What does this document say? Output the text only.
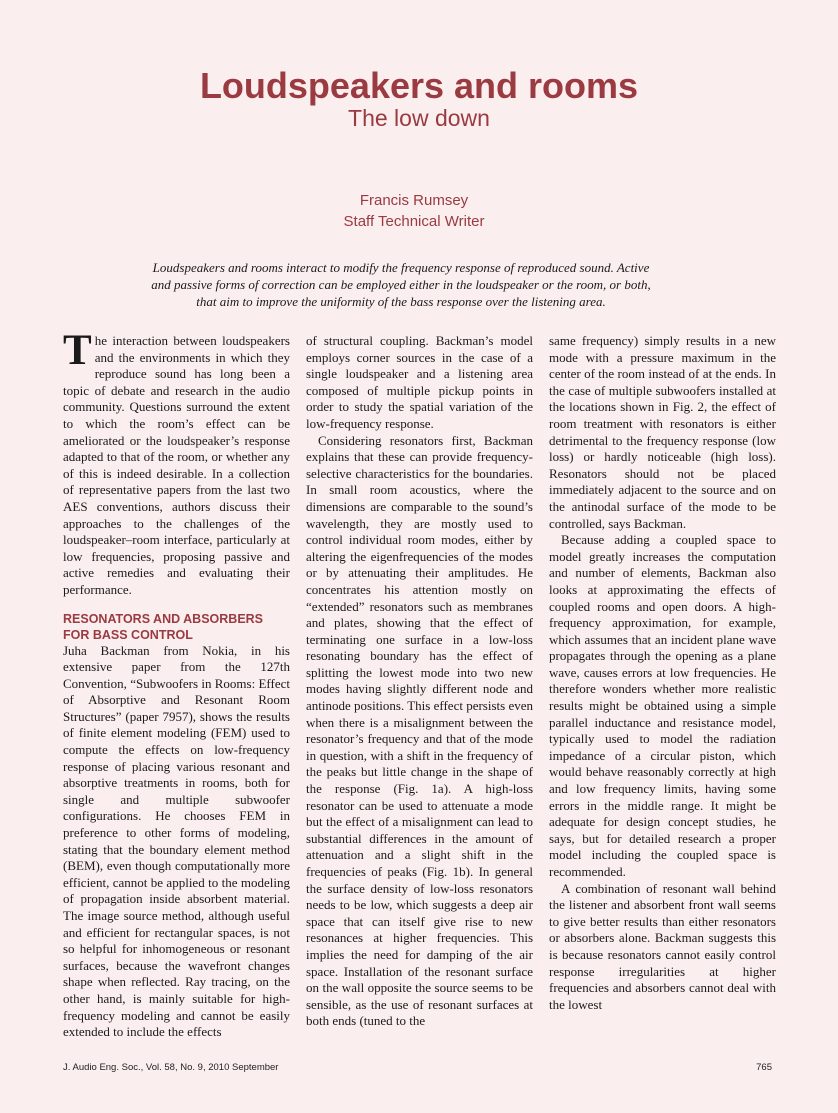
Loudspeakers and rooms
The low down
Francis Rumsey
Staff Technical Writer
Loudspeakers and rooms interact to modify the frequency response of reproduced sound. Active and passive forms of correction can be employed either in the loudspeaker or the room, or both, that aim to improve the uniformity of the bass response over the listening area.

The interaction between loudspeakers and the environments in which they reproduce sound has long been a topic of debate and research in the audio community. Questions surround the extent to which the room’s effect can be ameliorated or the loudspeaker’s response adapted to that of the room, or whether any of this is indeed desirable. In a collection of representative papers from the last two AES conventions, authors discuss their approaches to the challenges of the loudspeaker–room interface, particularly at low frequencies, proposing passive and active remedies and evaluating their performance.

RESONATORS AND ABSORBERS
FOR BASS CONTROL

Juha Backman from Nokia, in his extensive paper from the 127th Convention, “Subwoofers in Rooms: Effect of Absorptive and Resonant Room Structures” (paper 7957), shows the results of finite element modeling (FEM) used to compute the effects on low-frequency response of placing various resonant and absorptive treatments in rooms, both for single and multiple subwoofer configurations. He chooses FEM in preference to other forms of modeling, stating that the boundary element method (BEM), even though computationally more efficient, cannot be applied to the modeling of propagation inside absorbent material. The image source method, although useful and efficient for rectangular spaces, is not so helpful for inhomogeneous or resonant surfaces, because the wavefront changes shape when reflected. Ray tracing, on the other hand, is mainly suitable for high-frequency modeling and cannot be easily extended to include the effects

of structural coupling. Backman’s model employs corner sources in the case of a single loudspeaker and a listening area composed of multiple pickup points in order to study the spatial variation of the low-frequency response.

Considering resonators first, Backman explains that these can provide frequency-selective characteristics for the boundaries. In small room acoustics, where the dimensions are comparable to the sound’s wavelength, they are mostly used to control individual room modes, either by altering the eigenfrequencies of the modes or by attenuating their amplitudes. He concentrates his attention mostly on “extended” resonators such as membranes and plates, showing that the effect of terminating one surface in a low-loss resonating boundary has the effect of splitting the lowest mode into two new modes having slightly different node and antinode positions. This effect persists even when there is a misalignment between the resonator’s frequency and that of the mode in question, with a shift in the frequency of the peaks but little change in the shape of the response (Fig. 1a). A high-loss resonator can be used to attenuate a mode but the effect of a misalignment can lead to substantial differences in the amount of attenuation and a slight shift in the frequencies of peaks (Fig. 1b). In general the surface density of low-loss resonators needs to be low, which suggests a deep air space that can itself give rise to new resonances at higher frequencies. This implies the need for damping of the air space. Installation of the resonant surface on the wall opposite the source seems to be sensible, as the use of resonant surfaces at both ends (tuned to the

same frequency) simply results in a new mode with a pressure maximum in the center of the room instead of at the ends. In the case of multiple subwoofers installed at the locations shown in Fig. 2, the effect of room treatment with resonators is either detrimental to the frequency response (low loss) or hardly noticeable (high loss). Resonators should not be placed immediately adjacent to the source and on the antinodal surface of the mode to be controlled, says Backman.

Because adding a coupled space to model greatly increases the computation and number of elements, Backman also looks at approximating the effects of coupled rooms and open doors. A high-frequency approximation, for example, which assumes that an incident plane wave propagates through the opening as a plane wave, causes errors at low frequencies. He therefore wonders whether more realistic results might be obtained using a simple parallel inductance and resistance model, typically used to model the radiation impedance of a circular piston, which would behave reasonably correctly at high and low frequency limits, having some errors in the middle range. It might be adequate for design concept studies, he says, but for detailed research a proper model including the coupled space is recommended.

A combination of resonant wall behind the listener and absorbent front wall seems to give better results than either resonators or absorbers alone. Backman suggests this is because resonators cannot easily control response irregularities at higher frequencies and absorbers cannot deal with the lowest

J. Audio Eng. Soc., Vol. 58, No. 9, 2010 September	765
